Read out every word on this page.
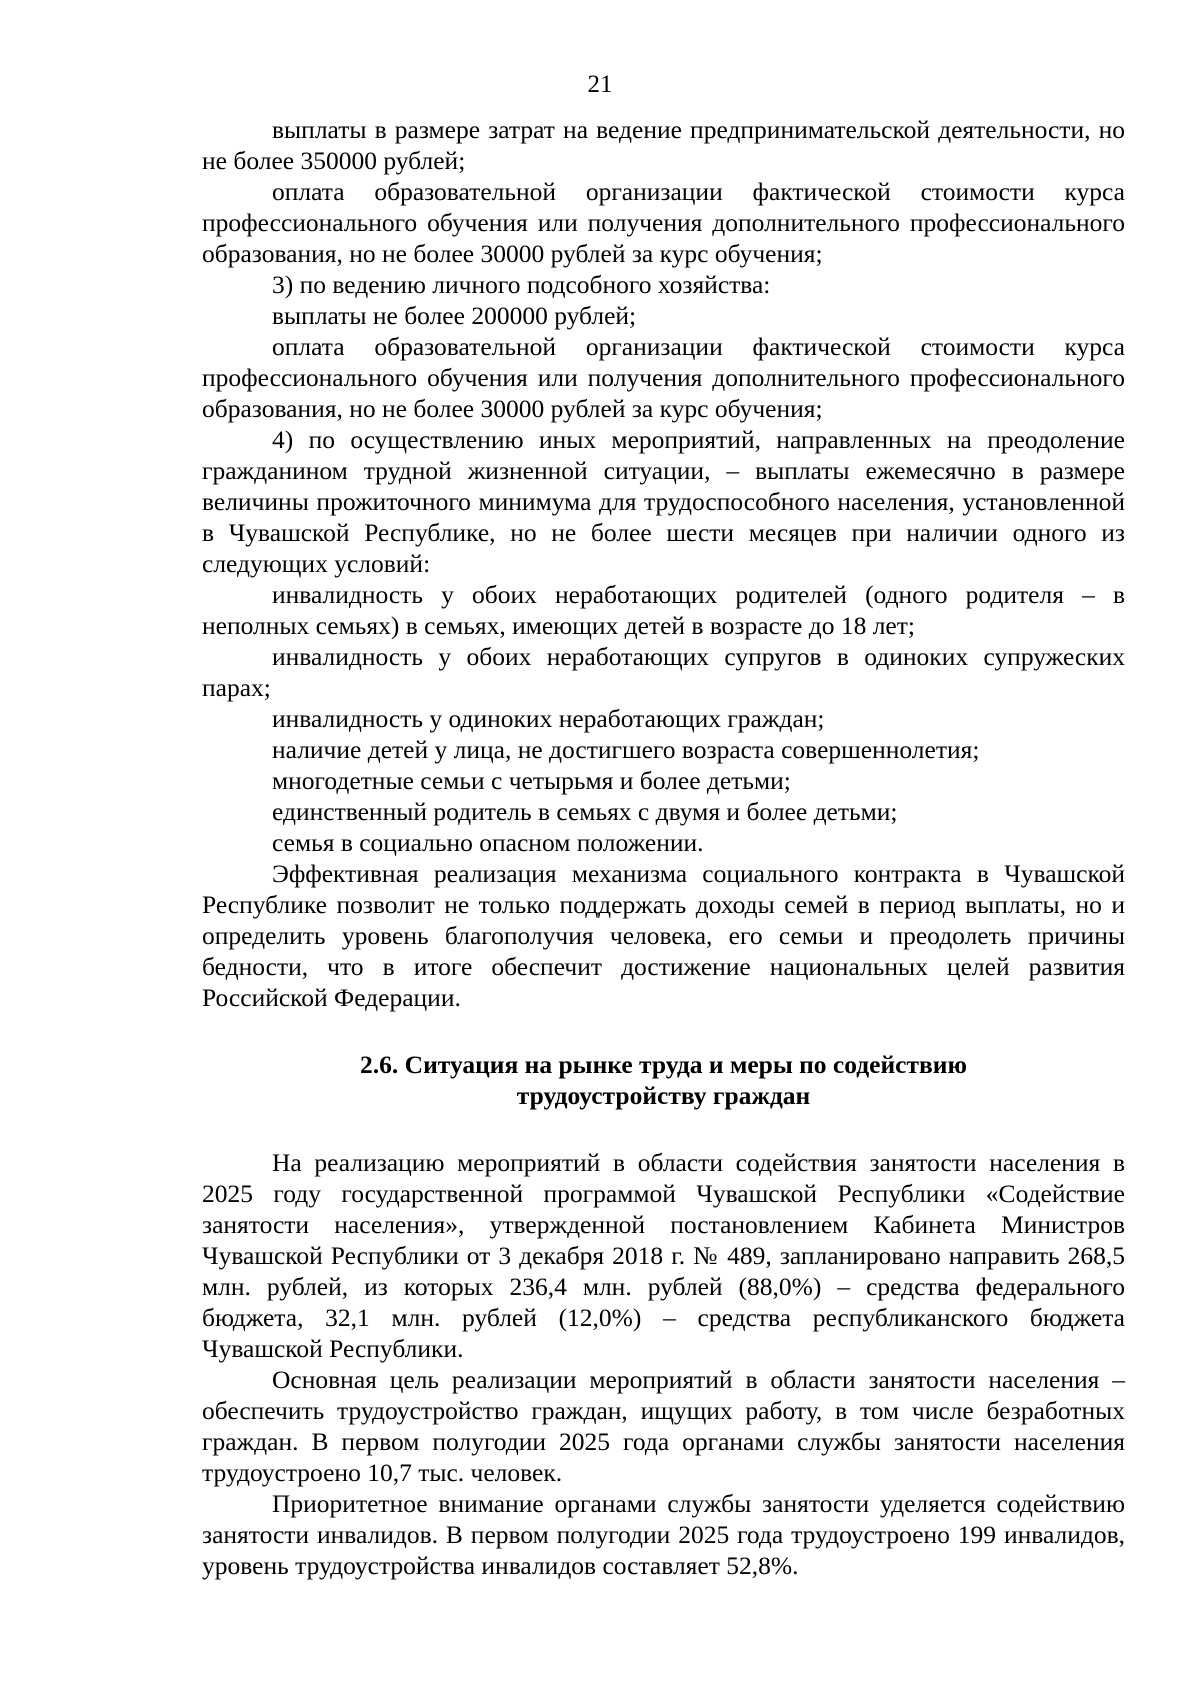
21

выплаты в размере затрат на ведение предпринимательской деятельности, но не более 350000 рублей;

оплата образовательной организации фактической стоимости курса профессионального обучения или получения дополнительного профессионального образования, но не более 30000 рублей за курс обучения;

3) по ведению личного подсобного хозяйства:

выплаты не более 200000 рублей;

оплата образовательной организации фактической стоимости курса профессионального обучения или получения дополнительного профессионального образования, но не более 30000 рублей за курс обучения;

4) по осуществлению иных мероприятий, направленных на преодоление гражданином трудной жизненной ситуации, – выплаты ежемесячно в размере величины прожиточного минимума для трудоспособного населения, установленной в Чувашской Республике, но не более шести месяцев при наличии одного из следующих условий:

инвалидность у обоих неработающих родителей (одного родителя – в неполных семьях) в семьях, имеющих детей в возрасте до 18 лет;

инвалидность у обоих неработающих супругов в одиноких супружеских парах;

инвалидность у одиноких неработающих граждан;

наличие детей у лица, не достигшего возраста совершеннолетия;

многодетные семьи с четырьмя и более детьми;

единственный родитель в семьях с двумя и более детьми;

семья в социально опасном положении.

Эффективная реализация механизма социального контракта в Чувашской Республике позволит не только поддержать доходы семей в период выплаты, но и определить уровень благополучия человека, его семьи и преодолеть причины бедности, что в итоге обеспечит достижение национальных целей развития Российской Федерации.

2.6. Ситуация на рынке труда и меры по содействию
трудоустройству граждан

На реализацию мероприятий в области содействия занятости населения в 2025 году государственной программой Чувашской Республики «Содействие занятости населения», утвержденной постановлением Кабинета Министров Чувашской Республики от 3 декабря 2018 г. № 489, запланировано направить 268,5 млн. рублей, из которых 236,4 млн. рублей (88,0%) – средства федерального бюджета, 32,1 млн. рублей (12,0%) – средства республиканского бюджета Чувашской Республики.

Основная цель реализации мероприятий в области занятости населения – обеспечить трудоустройство граждан, ищущих работу, в том числе безработных граждан. В первом полугодии 2025 года органами службы занятости населения трудоустроено 10,7 тыс. человек.

Приоритетное внимание органами службы занятости уделяется содействию занятости инвалидов. В первом полугодии 2025 года трудоустроено 199 инвалидов, уровень трудоустройства инвалидов составляет 52,8%.
